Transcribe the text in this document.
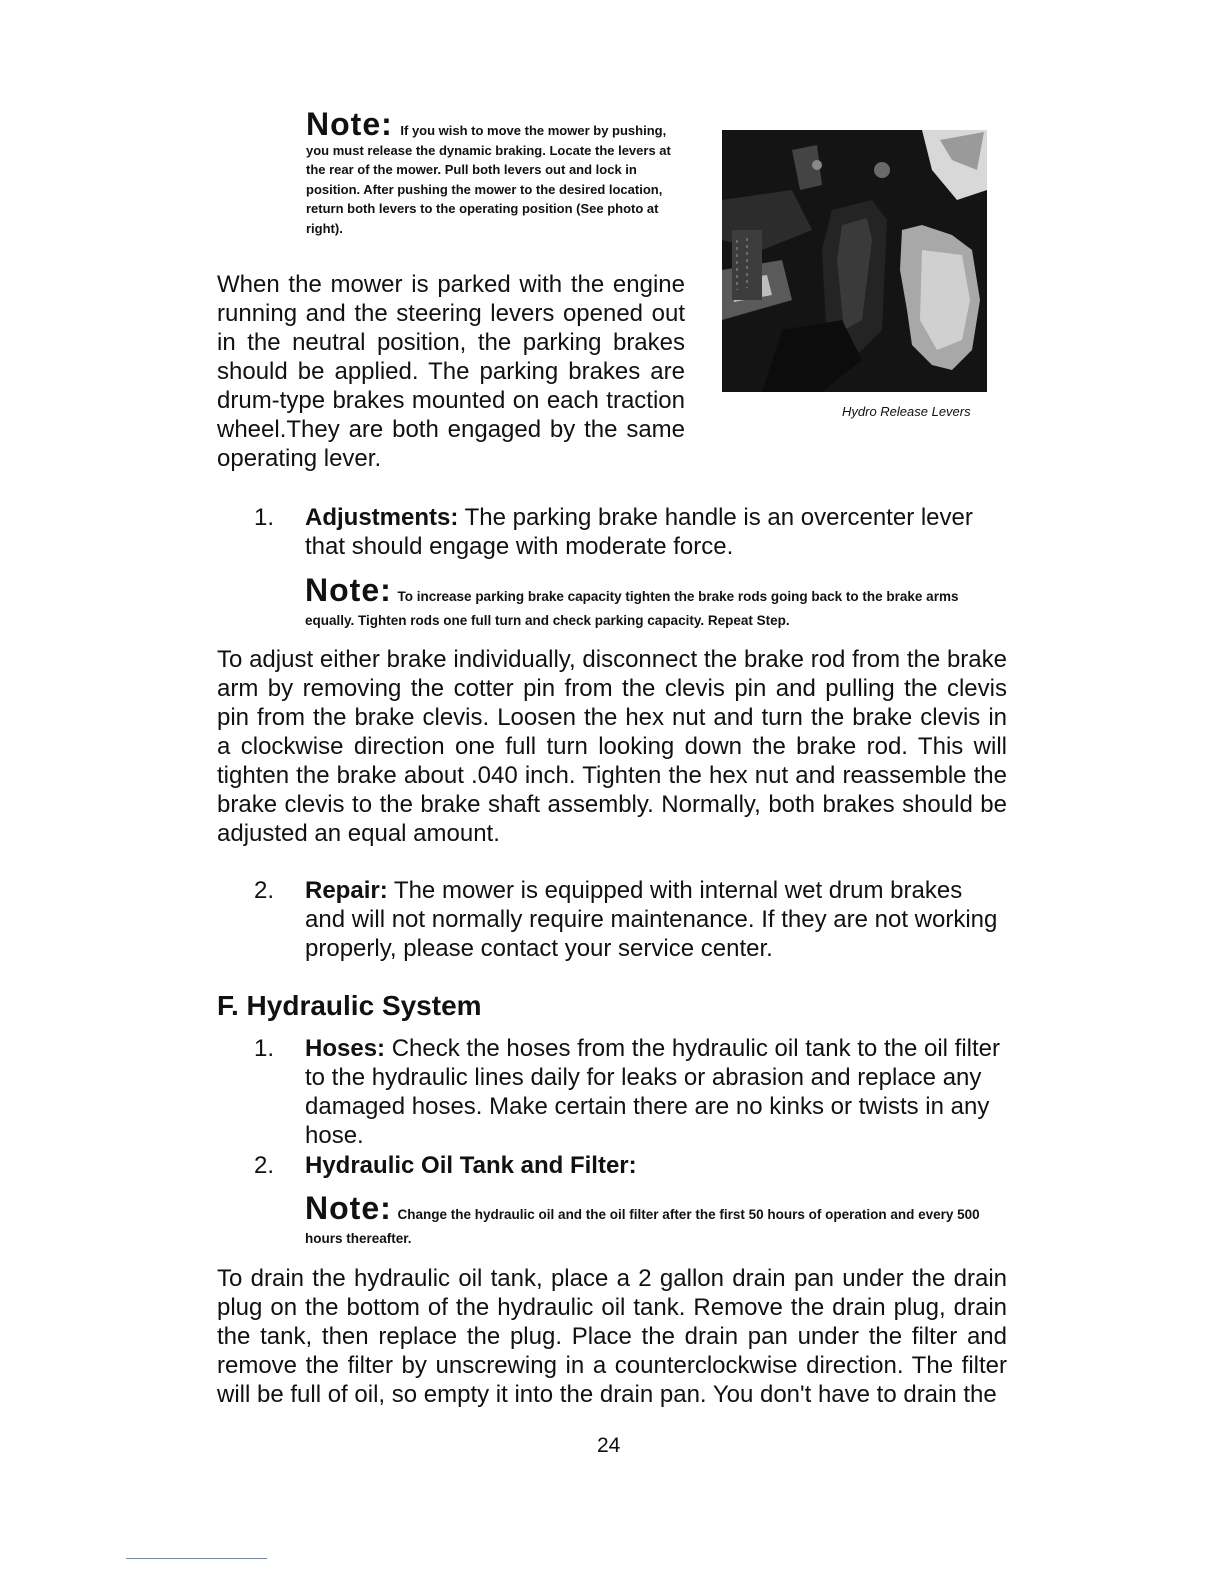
Note: If you wish to move the mower by pushing, you must release the dynamic braking. Locate the levers at the rear of the mower. Pull both levers out and lock in position. After pushing the mower to the desired location, return both levers to the operating position (See photo at right).
Hydro Release Levers
When the mower is parked with the engine running and the steering levers opened out in the neutral position, the parking brakes should be applied. The parking brakes are drum-type brakes mounted on each traction wheel.They are both engaged by the same operating lever.
1. Adjustments: The parking brake handle is an overcenter lever that should engage with moderate force.
Note: To increase parking brake capacity tighten the brake rods going back to the brake arms equally. Tighten rods one full turn and check parking capacity. Repeat Step.
To adjust either brake individually, disconnect the brake rod from the brake arm by removing the cotter pin from the clevis pin and pulling the clevis pin from the brake clevis. Loosen the hex nut and turn the brake clevis in a clockwise direction one full turn looking down the brake rod. This will tighten the brake about .040 inch. Tighten the hex nut and reassemble the brake clevis to the brake shaft assembly. Normally, both brakes should be adjusted an equal amount.
2. Repair: The mower is equipped with internal wet drum brakes and will not normally require maintenance. If they are not working properly, please contact your service center.
F. Hydraulic System
1. Hoses: Check the hoses from the hydraulic oil tank to the oil filter to the hydraulic lines daily for leaks or abrasion and replace any damaged hoses. Make certain there are no kinks or twists in any hose.
2. Hydraulic Oil Tank and Filter:
Note: Change the hydraulic oil and the oil filter after the first 50 hours of operation and every 500 hours thereafter.
To drain the hydraulic oil tank, place a 2 gallon drain pan under the drain plug on the bottom of the hydraulic oil tank. Remove the drain plug, drain the tank, then replace the plug. Place the drain pan under the filter and remove the filter by unscrewing in a counterclockwise direction. The filter will be full of oil, so empty it into the drain pan. You don't have to drain the
24
